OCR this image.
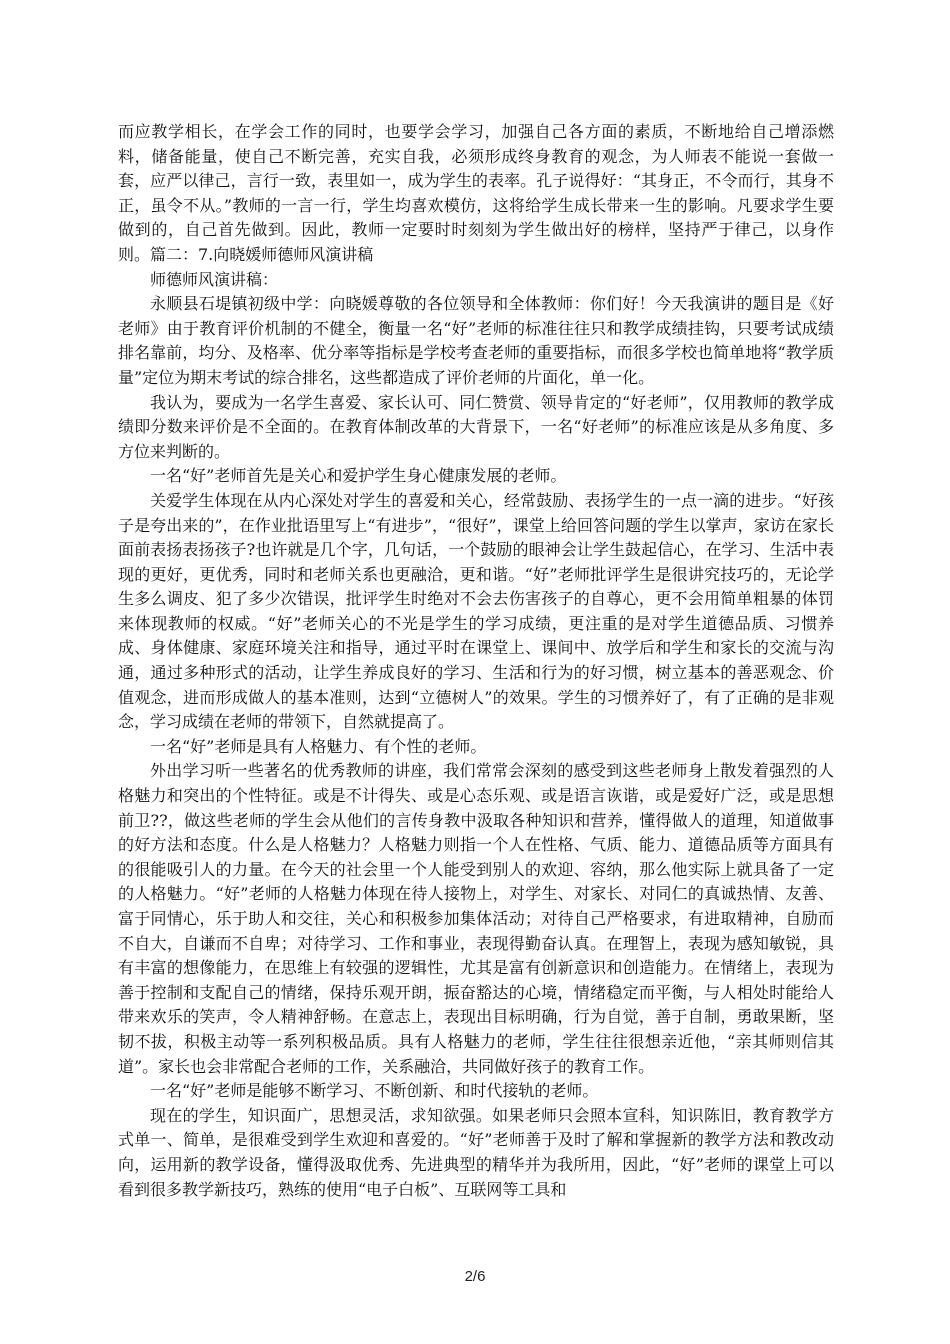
而应教学相长，在学会工作的同时，也要学会学习，加强自己各方面的素质，不断地给自己增添燃料，储备能量，使自己不断完善，充实自我，必须形成终身教育的观念，为人师表不能说一套做一套，应严以律己，言行一致，表里如一，成为学生的表率。孔子说得好：“其身正，不令而行，其身不正，虽令不从。”教师的一言一行，学生均喜欢模仿，这将给学生成长带来一生的影响。凡要求学生要做到的，自己首先做到。因此，教师一定要时时刻刻为学生做出好的榜样，坚持严于律己，以身作则。篇二：7.向晓媛师德师风演讲稿

师德师风演讲稿：

永顺县石堤镇初级中学：向晓媛尊敬的各位领导和全体教师：你们好！今天我演讲的题目是《好老师》由于教育评价机制的不健全，衡量一名“好”老师的标准往往只和教学成绩挂钩，只要考试成绩排名靠前，均分、及格率、优分率等指标是学校考查老师的重要指标，而很多学校也简单地将“教学质量”定位为期末考试的综合排名，这些都造成了评价老师的片面化，单一化。

我认为，要成为一名学生喜爱、家长认可、同仁赞赏、领导肯定的“好老师”，仅用教师的教学成绩即分数来评价是不全面的。在教育体制改革的大背景下，一名“好老师”的标准应该是从多角度、多方位来判断的。

一名“好”老师首先是关心和爱护学生身心健康发展的老师。

关爱学生体现在从内心深处对学生的喜爱和关心，经常鼓励、表扬学生的一点一滴的进步。“好孩子是夸出来的”，在作业批语里写上“有进步”，“很好”，课堂上给回答问题的学生以掌声，家访在家长面前表扬表扬孩子?也许就是几个字，几句话，一个鼓励的眼神会让学生鼓起信心，在学习、生活中表现的更好，更优秀，同时和老师关系也更融洽，更和谐。“好”老师批评学生是很讲究技巧的，无论学生多么调皮、犯了多少次错误，批评学生时绝对不会去伤害孩子的自尊心，更不会用简单粗暴的体罚来体现教师的权威。“好”老师关心的不光是学生的学习成绩，更注重的是对学生道德品质、习惯养成、身体健康、家庭环境关注和指导，通过平时在课堂上、课间中、放学后和学生和家长的交流与沟通，通过多种形式的活动，让学生养成良好的学习、生活和行为的好习惯，树立基本的善恶观念、价值观念，进而形成做人的基本准则，达到“立德树人”的效果。学生的习惯养好了，有了正确的是非观念，学习成绩在老师的带领下，自然就提高了。

一名“好”老师是具有人格魅力、有个性的老师。

外出学习听一些著名的优秀教师的讲座，我们常常会深刻的感受到这些老师身上散发着强烈的人格魅力和突出的个性特征。或是不计得失、或是心态乐观、或是语言诙谐，或是爱好广泛，或是思想前卫??，做这些老师的学生会从他们的言传身教中汲取各种知识和营养，懂得做人的道理，知道做事的好方法和态度。什么是人格魅力？人格魅力则指一个人在性格、气质、能力、道德品质等方面具有的很能吸引人的力量。在今天的社会里一个人能受到别人的欢迎、容纳，那么他实际上就具备了一定的人格魅力。“好”老师的人格魅力体现在待人接物上，对学生、对家长、对同仁的真诚热情、友善、富于同情心，乐于助人和交往，关心和积极参加集体活动；对待自己严格要求，有进取精神，自励而不自大，自谦而不自卑；对待学习、工作和事业，表现得勤奋认真。在理智上，表现为感知敏锐，具有丰富的想像能力，在思维上有较强的逻辑性，尤其是富有创新意识和创造能力。在情绪上，表现为善于控制和支配自己的情绪，保持乐观开朗，振奋豁达的心境，情绪稳定而平衡，与人相处时能给人带来欢乐的笑声，令人精神舒畅。在意志上，表现出目标明确，行为自觉，善于自制，勇敢果断，坚韧不拔，积极主动等一系列积极品质。具有人格魅力的老师，学生往往很想亲近他，“亲其师则信其道”。家长也会非常配合老师的工作，关系融洽，共同做好孩子的教育工作。

一名“好”老师是能够不断学习、不断创新、和时代接轨的老师。

现在的学生，知识面广，思想灵活，求知欲强。如果老师只会照本宣科，知识陈旧，教育教学方式单一、简单，是很难受到学生欢迎和喜爱的。“好”老师善于及时了解和掌握新的教学方法和教改动向，运用新的教学设备，懂得汲取优秀、先进典型的精华并为我所用，因此，“好”老师的课堂上可以看到很多教学新技巧，熟练的使用“电子白板”、互联网等工具和

2/6
